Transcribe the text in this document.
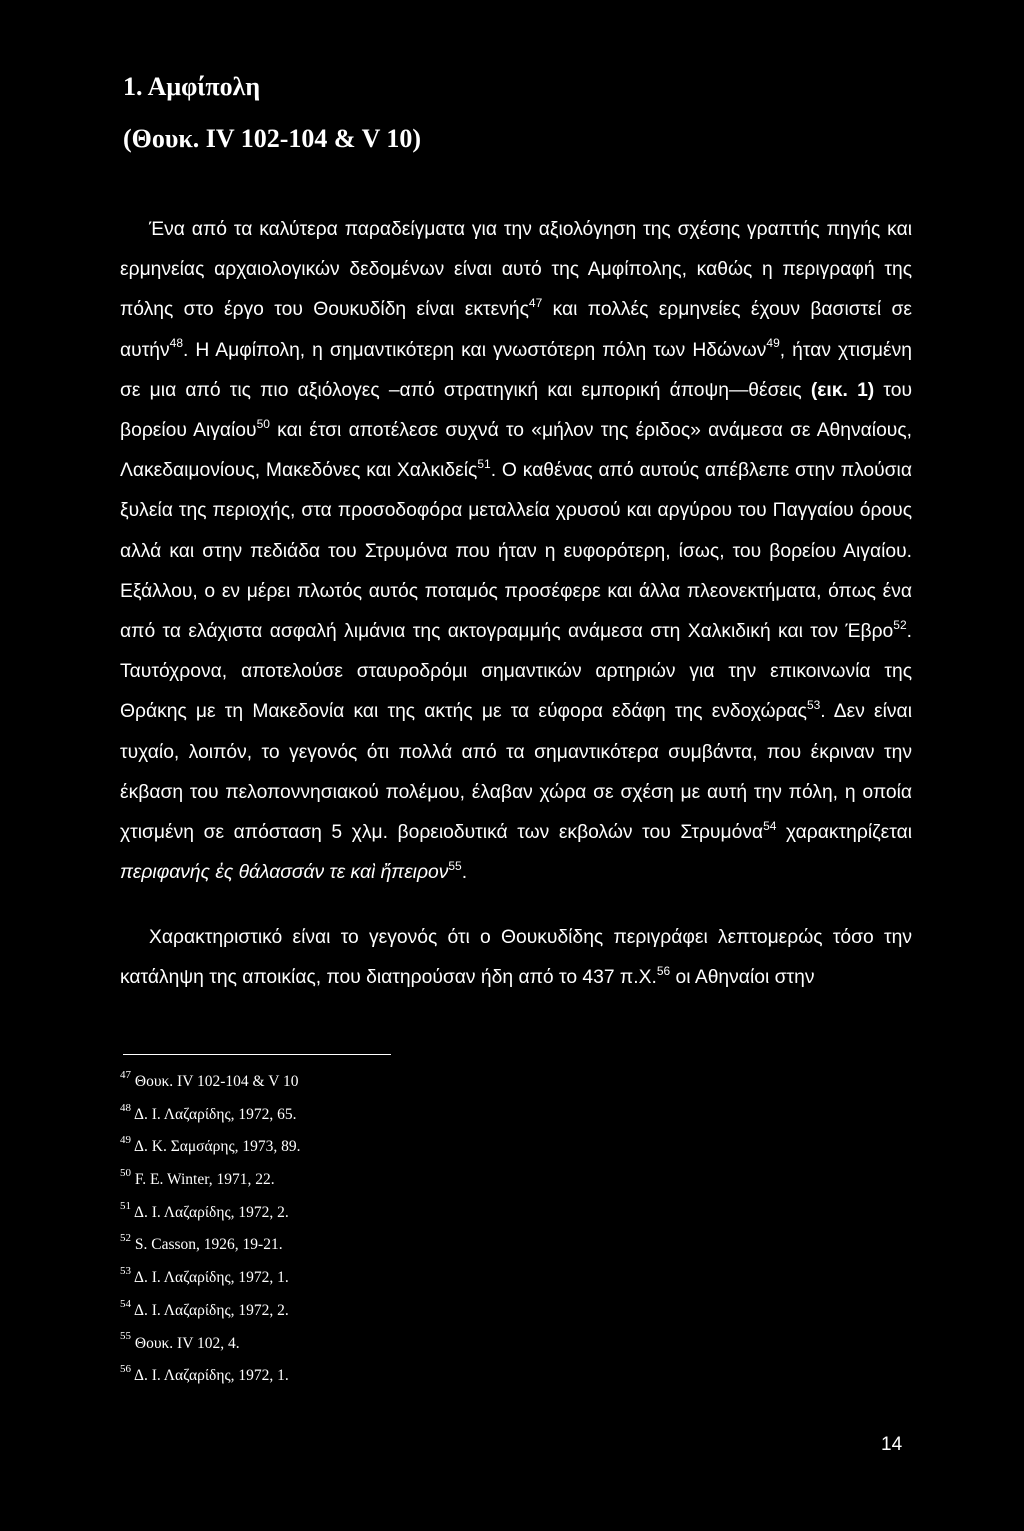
1. Αμφίπολη
(Θουκ. IV 102-104 & V 10)

Ένα από τα καλύτερα παραδείγματα για την αξιολόγηση της σχέσης γραπτής πηγής και ερμηνείας αρχαιολογικών δεδομένων είναι αυτό της Αμφίπολης, καθώς η περιγραφή της πόλης στο έργο του Θουκυδίδη είναι εκτενής$^{47}$ και πολλές ερμηνείες έχουν βασιστεί σε αυτήν$^{48}$. Η Αμφίπολη, η σημαντικότερη και γνωστότερη πόλη των Ηδώνων$^{49}$, ήταν χτισμένη σε μια από τις πιο αξιόλογες –από στρατηγική και εμπορική άποψη—θέσεις (εικ. 1) του βορείου Αιγαίου$^{50}$ και έτσι αποτέλεσε συχνά το «μήλον της έριδος» ανάμεσα σε Αθηναίους, Λακεδαιμονίους, Μακεδόνες και Χαλκιδείς$^{51}$. Ο καθένας από αυτούς απέβλεπε στην πλούσια ξυλεία της περιοχής, στα προσοδοφόρα μεταλλεία χρυσού και αργύρου του Παγγαίου όρους αλλά και στην πεδιάδα του Στρυμόνα που ήταν η ευφορότερη, ίσως, του βορείου Αιγαίου. Εξάλλου, ο εν μέρει πλωτός αυτός ποταμός προσέφερε και άλλα πλεονεκτήματα, όπως ένα από τα ελάχιστα ασφαλή λιμάνια της ακτογραμμής ανάμεσα στη Χαλκιδική και τον Έβρο$^{52}$. Ταυτόχρονα, αποτελούσε σταυροδρόμι σημαντικών αρτηριών για την επικοινωνία της Θράκης με τη Μακεδονία και της ακτής με τα εύφορα εδάφη της ενδοχώρας$^{53}$. Δεν είναι τυχαίο, λοιπόν, το γεγονός ότι πολλά από τα σημαντικότερα συμβάντα, που έκριναν την έκβαση του πελοποννησιακού πολέμου, έλαβαν χώρα σε σχέση με αυτή την πόλη, η οποία χτισμένη σε απόσταση 5 χλμ. βορειοδυτικά των εκβολών του Στρυμόνα$^{54}$ χαρακτηρίζεται περιφανής ἐς θάλασσάν τε καὶ ἤπειρον$^{55}$.

Χαρακτηριστικό είναι το γεγονός ότι ο Θουκυδίδης περιγράφει λεπτομερώς τόσο την κατάληψη της αποικίας, που διατηρούσαν ήδη από το 437 π.Χ.$^{56}$ οι Αθηναίοι στην

$^{47}$ Θουκ. IV 102-104 & V 10
$^{48}$ Δ. Ι. Λαζαρίδης, 1972, 65.
$^{49}$ Δ. Κ. Σαμσάρης, 1973, 89.
$^{50}$ F. E. Winter, 1971, 22.
$^{51}$ Δ. Ι. Λαζαρίδης, 1972, 2.
$^{52}$ S. Casson, 1926, 19-21.
$^{53}$ Δ. Ι. Λαζαρίδης, 1972, 1.
$^{54}$ Δ. Ι. Λαζαρίδης, 1972, 2.
$^{55}$ Θουκ. IV 102, 4.
$^{56}$ Δ. Ι. Λαζαρίδης, 1972, 1.
14
